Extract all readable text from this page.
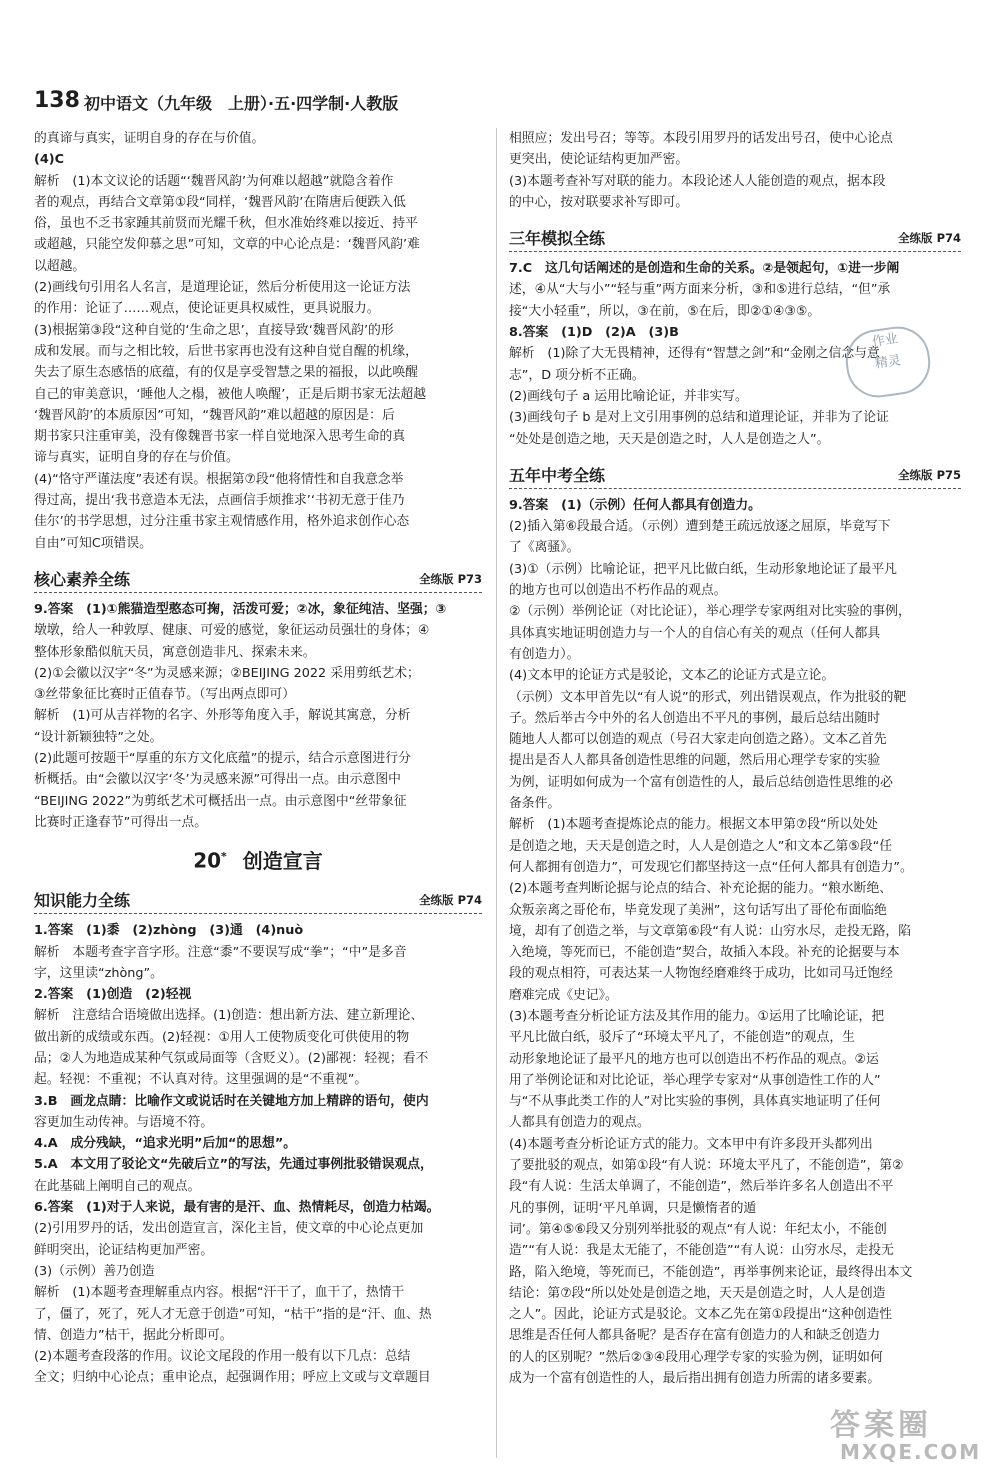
138 初中语文（九年级　上册）·五·四学制·人教版
的真谛与真实，证明自身的存在与价值。
(4)C
解析　(1)本文议论的话题“‘魏晋风韵’为何难以超越”就隐含着作
者的观点，再结合文章第①段“同样，‘魏晋风韵’在隋唐后便跌入低
俗，虽也不乏书家踵其前贤而光耀千秋，但水准始终难以接近、持平
或超越，只能空发仰慕之思”可知，文章的中心论点是：‘魏晋风韵’难
以超越。
(2)画线句引用名人名言，是道理论证，然后分析使用这一论证方法
的作用：论证了……观点，使论证更具权威性，更具说服力。
(3)根据第③段“这种自觉的‘生命之思’，直接导致‘魏晋风韵’的形
成和发展。而与之相比较，后世书家再也没有这种自觉自醒的机缘，
失去了原生态感悟的底蕴，有的仅是享受智慧之果的福报，以此唤醒
自己的审美意识，‘睡他人之榻，被他人唤醒’，正是后期书家无法超越
‘魏晋风韵’的本质原因”可知，“魏晋风韵”难以超越的原因是：后
期书家只注重审美，没有像魏晋书家一样自觉地深入思考生命的真
谛与真实，证明自身的存在与价值。
(4)“恪守严谨法度”表述有误。根据第⑦段“他将情性和自我意念举
得过高，提出‘我书意造本无法，点画信手烦推求’‘书初无意于佳乃
佳尔’的书学思想，过分注重书家主观情感作用，格外追求创作心态
自由”可知C项错误。
核心素养全练	全练版 P73
9.答案　(1)①熊猫造型憨态可掬，活泼可爱；②冰，象征纯洁、坚强；③
墩墩，给人一种敦厚、健康、可爱的感觉，象征运动员强壮的身体；④
整体形象酷似航天员，寓意创造非凡、探索未来。
(2)①会徽以汉字“冬”为灵感来源；②BEIJING 2022 采用剪纸艺术；
③丝带象征比赛时正值春节。（写出两点即可）
解析　(1)可从吉祥物的名字、外形等角度入手，解说其寓意，分析
“设计新颖独特”之处。
(2)此题可按题干“厚重的东方文化底蕴”的提示，结合示意图进行分
析概括。由“会徽以汉字‘冬’为灵感来源”可得出一点。由示意图中
“BEIJING 2022”为剪纸艺术可概括出一点。由示意图中“丝带象征
比赛时正逢春节”可得出一点。
20* 创造宣言
知识能力全练	全练版 P74
1.答案　(1)黍　(2)zhòng　(3)通　(4)nuò
解析　本题考查字音字形。注意“黍”不要误写成“拳”；“中”是多音
字，这里读“zhòng”。
2.答案　(1)创造　(2)轻视
解析　注意结合语境做出选择。(1)创造：想出新方法、建立新理论、
做出新的成绩或东西。(2)轻视：①用人工使物质变化可供使用的物
品；②人为地造成某种气氛或局面等（含贬义）。(2)鄙视：轻视；看不
起。轻视：不重视；不认真对待。这里强调的是“不重视”。
3.B　画龙点睛：比喻作文或说话时在关键地方加上精辟的语句，使内
容更加生动传神。与语境不符。
4.A　成分残缺，“追求光明”后加“的思想”。
5.A　本文用了驳论文“先破后立”的写法，先通过事例批驳错误观点，
在此基础上阐明自己的观点。
6.答案　(1)对于人来说，最有害的是汗、血、热情耗尽，创造力枯竭。
(2)引用罗丹的话，发出创造宣言，深化主旨，使文章的中心论点更加
鲜明突出，论证结构更加严密。
(3)（示例）善乃创造
解析　(1)本题考查理解重点内容。根据“汗干了，血干了，热情干
了，僵了，死了，死人才无意于创造”可知，“枯干”指的是“汗、血、热
情、创造力”枯干，据此分析即可。
(2)本题考查段落的作用。议论文尾段的作用一般有以下几点：总结
全文；归纳中心论点；重申论点，起强调作用；呼应上文或与文章题目
相照应；发出号召；等等。本段引用罗丹的话发出号召，使中心论点
更突出，使论证结构更加严密。
(3)本题考查补写对联的能力。本段论述人人能创造的观点，据本段
的中心，按对联要求补写即可。
三年模拟全练	全练版 P74
7.C　这几句话阐述的是创造和生命的关系。②是领起句，①进一步阐
述，④从“大与小”“轻与重”两方面来分析，③和⑤进行总结，“但”承
接“大小轻重”，所以，③在前，⑤在后，即②①④③⑤。
8.答案　(1)D　(2)A　(3)B
解析　(1)除了大无畏精神，还得有“智慧之剑”和“金刚之信念与意
志”，D 项分析不正确。
(2)画线句子 a 运用比喻论证，并非实写。
(3)画线句子 b 是对上文引用事例的总结和道理论证，并非为了论证
“处处是创造之地，天天是创造之时，人人是创造之人”。
五年中考全练	全练版 P75
9.答案　(1)（示例）任何人都具有创造力。
(2)插入第⑥段最合适。（示例）遭到楚王疏远放逐之屈原，毕竟写下
了《离骚》。
(3)①（示例）比喻论证，把平凡比做白纸，生动形象地论证了最平凡
的地方也可以创造出不朽作品的观点。
②（示例）举例论证（对比论证），举心理学专家两组对比实验的事例，
具体真实地证明创造力与一个人的自信心有关的观点（任何人都具
有创造力）。
(4)文本甲的论证方式是驳论，文本乙的论证方式是立论。
（示例）文本甲首先以“有人说”的形式，列出错误观点，作为批驳的靶
子。然后举古今中外的名人创造出不平凡的事例，最后总结出随时
随地人人都可以创造的观点（号召大家走向创造之路）。文本乙首先
提出是否人人都具备创造性思维的问题，然后用心理学专家的实验
为例，证明如何成为一个富有创造性的人，最后总结创造性思维的必
备条件。
解析　(1)本题考查提炼论点的能力。根据文本甲第⑦段“所以处处
是创造之地，天天是创造之时，人人是创造之人”和文本乙第⑤段“任
何人都拥有创造力”，可发现它们都坚持这一点“任何人都具有创造力”。
(2)本题考查判断论据与论点的结合、补充论据的能力。“粮水断绝、
众叛亲离之哥伦布，毕竟发现了美洲”，这句话写出了哥伦布面临绝
境，却有了创造之举，与文章第⑥段“有人说：山穷水尽，走投无路，陷
入绝境，等死而已，不能创造”契合，故插入本段。补充的论据要与本
段的观点相符，可表达某一人物饱经磨难终于成功，比如司马迁饱经
磨难完成《史记》。
(3)本题考查分析论证方法及其作用的能力。①运用了比喻论证，把
平凡比做白纸，驳斥了“环境太平凡了，不能创造”的观点，生
动形象地论证了最平凡的地方也可以创造出不朽作品的观点。②运
用了举例论证和对比论证，举心理学专家对“从事创造性工作的人”
与“不从事此类工作的人”对比实验的事例，具体真实地证明了任何
人都具有创造力的观点。
(4)本题考查分析论证方式的能力。文本甲中有许多段开头都列出
了要批驳的观点，如第①段“有人说：环境太平凡了，不能创造”，第②
段“有人说：生活太单调了，不能创造”，然后举许多名人创造出不平
凡的事例，证明‘平凡单调，只是懒惰者的遁
词’。第④⑤⑥段又分别列举批驳的观点“有人说：年纪太小，不能创
造”“有人说：我是太无能了，不能创造”“有人说：山穷水尽，走投无
路，陷入绝境，等死而已，不能创造”，再举事例来论证，最终得出本文
结论：第⑦段“所以处处是创造之地，天天是创造之时，人人是创造
之人”。因此，论证方式是驳论。文本乙先在第①段提出“这种创造性
思维是否任何人都具备呢？是否存在富有创造力的人和缺乏创造力
的人的区别呢？”然后②③④段用心理学专家的实验为例，证明如何
成为一个富有创造性的人，最后指出拥有创造力所需的诸多要素。
作业
精灵
答案圈
MXQE.COM
